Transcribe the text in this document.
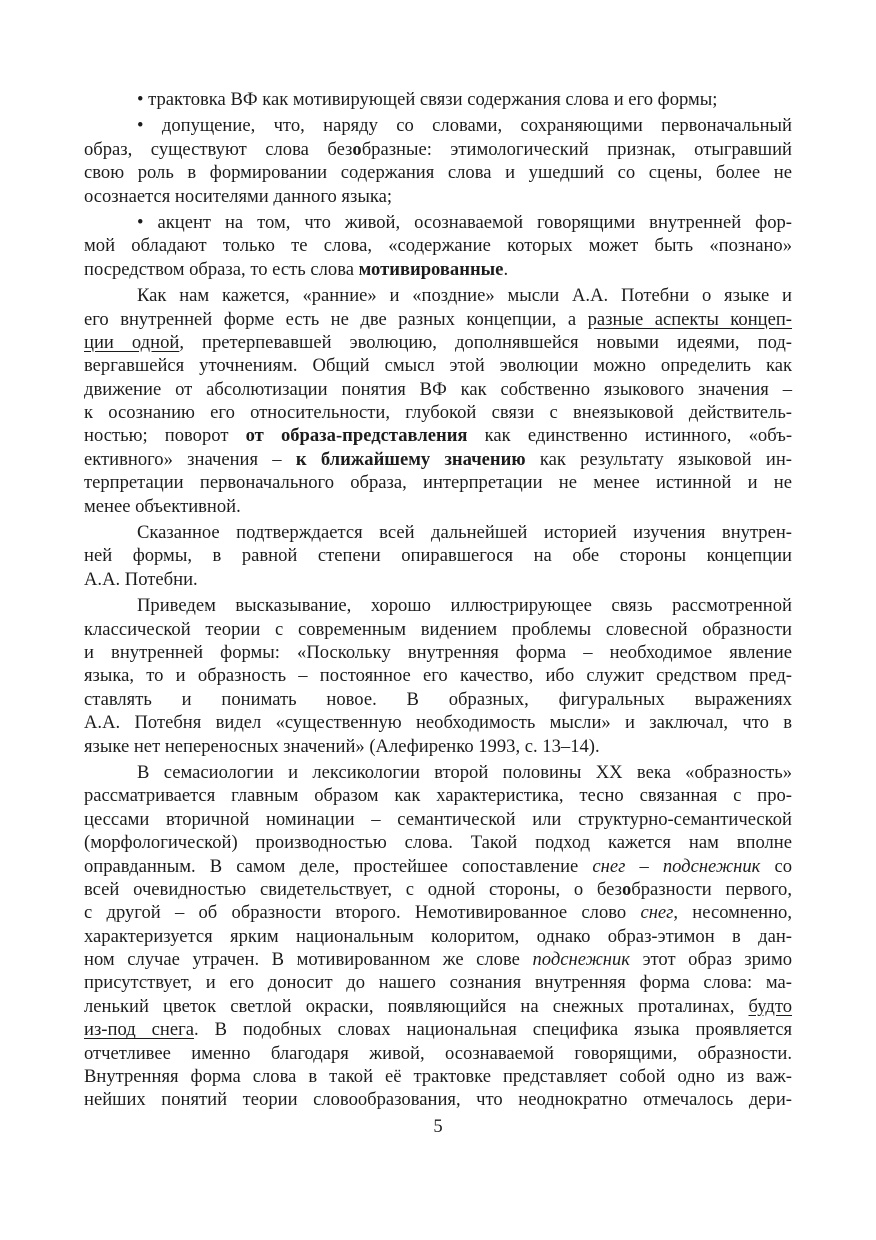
• трактовка ВФ как мотивирующей связи содержания слова и его формы;
• допущение, что, наряду со словами, сохраняющими первоначальный
образ, существуют слова безобразные: этимологический признак, отыгравший
свою роль в формировании содержания слова и ушедший со сцены, более не
осознается носителями данного языка;
• акцент на том, что живой, осознаваемой говорящими внутренней фор-
мой обладают только те слова, «содержание которых может быть «познано»
посредством образа, то есть слова мотивированные.
Как нам кажется, «ранние» и «поздние» мысли А.А. Потебни о языке и
его внутренней форме есть не две разных концепции, а разные аспекты концеп-
ции одной, претерпевавшей эволюцию, дополнявшейся новыми идеями, под-
вергавшейся уточнениям. Общий смысл этой эволюции можно определить как
движение от абсолютизации понятия ВФ как собственно языкового значения –
к осознанию его относительности, глубокой связи с внеязыковой действитель-
ностью; поворот от образа-представления как единственно истинного, «объ-
ективного» значения – к ближайшему значению как результату языковой ин-
терпретации первоначального образа, интерпретации не менее истинной и не
менее объективной.
Сказанное подтверждается всей дальнейшей историей изучения внутрен-
ней формы, в равной степени опиравшегося на обе стороны концепции
А.А. Потебни.
Приведем высказывание, хорошо иллюстрирующее связь рассмотренной
классической теории с современным видением проблемы словесной образности
и внутренней формы: «Поскольку внутренняя форма – необходимое явление
языка, то и образность – постоянное его качество, ибо служит средством пред-
ставлять и понимать новое. В образных, фигуральных выражениях
А.А. Потебня видел «существенную необходимость мысли» и заключал, что в
языке нет непереносных значений» (Алефиренко 1993, с. 13–14).
В семасиологии и лексикологии второй половины XX века «образность»
рассматривается главным образом как характеристика, тесно связанная с про-
цессами вторичной номинации – семантической или структурно-семантической
(морфологической) производностью слова. Такой подход кажется нам вполне
оправданным. В самом деле, простейшее сопоставление снег – подснежник со
всей очевидностью свидетельствует, с одной стороны, о безобразности первого,
с другой – об образности второго. Немотивированное слово снег, несомненно,
характеризуется ярким национальным колоритом, однако образ-этимон в дан-
ном случае утрачен. В мотивированном же слове подснежник этот образ зримо
присутствует, и его доносит до нашего сознания внутренняя форма слова: ма-
ленький цветок светлой окраски, появляющийся на снежных проталинах, будто
из-под снега. В подобных словах национальная специфика языка проявляется
отчетливее именно благодаря живой, осознаваемой говорящими, образности.
Внутренняя форма слова в такой её трактовке представляет собой одно из важ-
нейших понятий теории словообразования, что неоднократно отмечалось дери-
5
